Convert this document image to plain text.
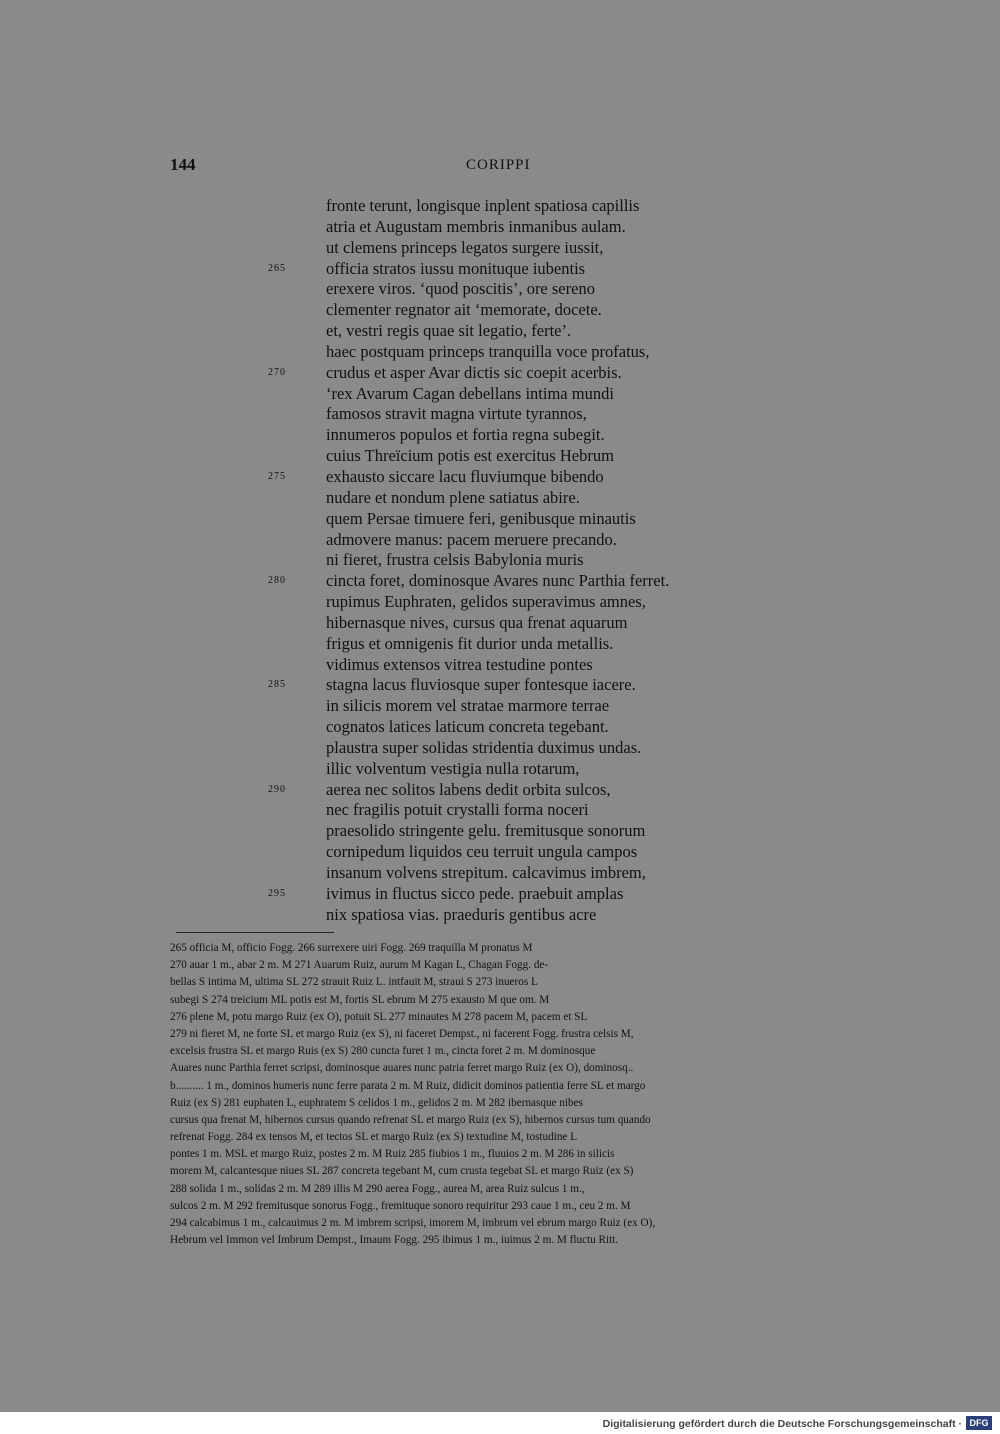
144	CORIPPI
fronte terunt, longisque inplent spatiosa capillis
atria et Augustam membris inmanibus aulam.
ut clemens princeps legatos surgere iussit,
265 officia stratos iussu monituque iubentis
erexere viros. ‘quod poscitis’, ore sereno
clementer regnator ait ‘memorate, docete.
et, vestri regis quae sit legatio, ferte’.
haec postquam princeps tranquilla voce profatus,
270 crudus et asper Avar dictis sic coepit acerbis.
‘rex Avarum Cagan debellans intima mundi
famosos stravit magna virtute tyrannos,
innumeros populos et fortia regna subegit.
cuius Threïcium potis est exercitus Hebrum
275 exhausto siccare lacu fluviumque bibendo
nudare et nondum plene satiatus abire.
quem Persae timuere feri, genibusque minautis
admovere manus: pacem meruere precando.
ni fieret, frustra celsis Babylonia muris
280 cincta foret, dominosque Avares nunc Parthia ferret.
rupimus Euphraten, gelidos superavimus amnes,
hibernasque nives, cursus qua frenat aquarum
frigus et omnigenis fit durior unda metallis.
vidimus extensos vitrea testudine pontes
285 stagna lacus fluviosque super fontesque iacere.
in silicis morem vel stratae marmore terrae
cognatos latices laticum concreta tegebant.
plaustra super solidas stridentia duximus undas.
illic volventum vestigia nulla rotarum,
290 aerea nec solitos labens dedit orbita sulcos,
nec fragilis potuit crystalli forma noceri
praesolido stringente gelu. fremitusque sonorum
cornipedum liquidos ceu terruit ungula campos
insanum volvens strepitum. calcavimus imbrem,
295 ivimus in fluctus sicco pede. praebuit amplas
nix spatiosa vias. praeduris gentibus acre
265 officia M, officio Fogg. 266 surrexere uiri Fogg. 269 traquilla M pronatus M
270 auar 1 m., abar 2 m. M 271 Auarum Ruiz, aurum M Kagan L, Chagan Fogg. de-
bellas S intima M, ultima SL 272 strauit Ruiz L. intfauit M, straui S 273 inueros L
subegi S 274 treicium ML potis est M, fortis SL ebrum M 275 exausto M que om. M
276 plene M, potu margo Ruiz (ex O), potuit SL 277 minautes M 278 pacem M, pacem et SL
279 ni fieret M, ne forte SL et margo Ruiz (ex S), ni faceret Dempst., ni facerent Fogg. frustra celsis M,
excelsis frustra SL et margo Ruis (ex S) 280 cuncta furet 1 m., cincta foret 2 m. M dominosque
Auares nunc Parthia ferret scripsi, dominosque auares nunc patria ferret margo Ruiz (ex O), dominosq..
b.......... 1 m., dominos humeris nunc ferre parata 2 m. M Ruiz, didicit dominos patientia ferre SL et margo
Ruiz (ex S) 281 euphaten L, euphratem S celidos 1 m., gelidos 2 m. M 282 ibernasque nibes
cursus qua frenat M, hibernos cursus quando refrenat SL et margo Ruiz (ex S), hibernos cursus tum quando
refrenat Fogg. 284 ex tensos M, et tectos SL et margo Ruiz (ex S) textudine M, tostudine L
pontes 1 m. MSL et margo Ruiz, postes 2 m. M Ruiz 285 fiubios 1 m., fluuios 2 m. M 286 in silicis
morem M, calcantesque niues SL 287 concreta tegebant M, cum crusta tegebat SL et margo Ruiz (ex S)
288 solida 1 m., solidas 2 m. M 289 illis M 290 aerea Fogg., aurea M, area Ruiz sulcus 1 m.,
sulcos 2 m. M 292 fremitusque sonorus Fogg., fremituque sonoro requiritur 293 caue 1 m., ceu 2 m. M
294 calcabimus 1 m., calcauimus 2 m. M imbrem scripsi, imorem M, imbrum vel ebrum margo Ruiz (ex O),
Hebrum vel Immon vel Imbrum Dempst., Imaum Fogg. 295 ibimus 1 m., iuimus 2 m. M fluctu Ritt.
Digitalisierung gefördert durch die Deutsche Forschungsgemeinschaft · DFG
